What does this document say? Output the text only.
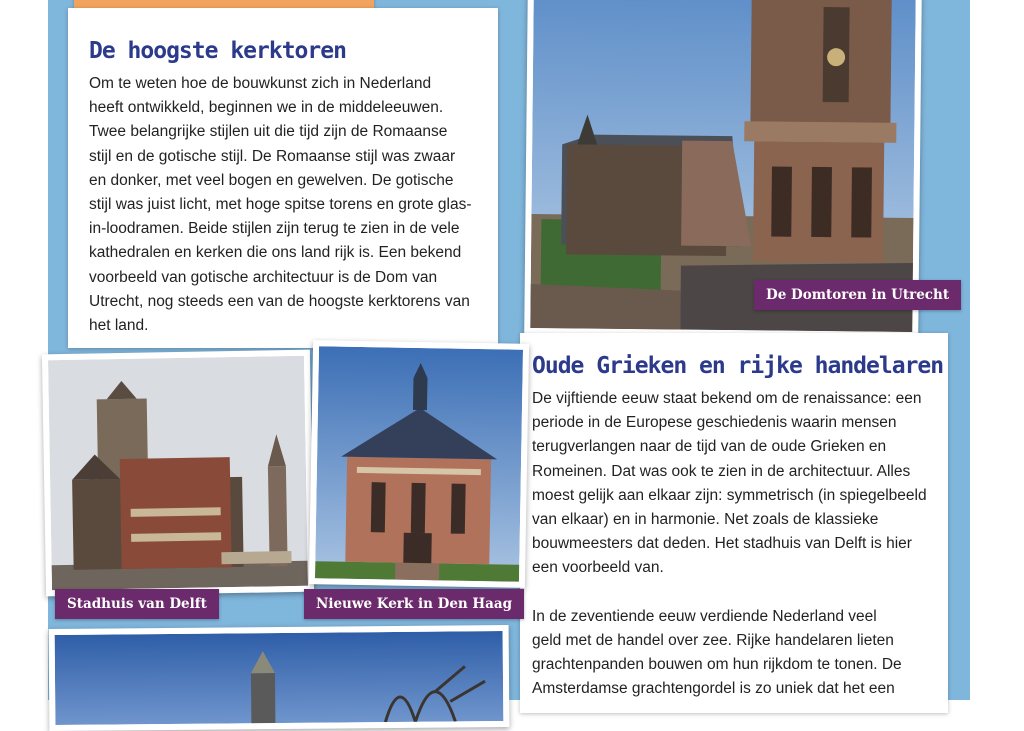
De hoogste kerktoren

Om te weten hoe de bouwkunst zich in Nederland
heeft ontwikkeld, beginnen we in de middeleeuwen.
Twee belangrijke stijlen uit die tijd zijn de Romaanse
stijl en de gotische stijl. De Romaanse stijl was zwaar
en donker, met veel bogen en gewelven. De gotische
stijl was juist licht, met hoge spitse torens en grote glas-
in-loodramen. Beide stijlen zijn terug te zien in de vele
kathedralen en kerken die ons land rijk is. Een bekend
voorbeeld van gotische architectuur is de Dom van
Utrecht, nog steeds een van de hoogste kerktorens van
het land.

De Domtoren in Utrecht
Oude Grieken en rijke handelaren

De vijftiende eeuw staat bekend om de renaissance: een
periode in de Europese geschiedenis waarin mensen
terugverlangen naar de tijd van de oude Grieken en
Romeinen. Dat was ook te zien in de architectuur. Alles
moest gelijk aan elkaar zijn: symmetrisch (in spiegelbeeld
van elkaar) en in harmonie. Net zoals de klassieke
bouwmeesters dat deden. Het stadhuis van Delft is hier
een voorbeeld van.

In de zeventiende eeuw verdiende Nederland veel
geld met de handel over zee. Rijke handelaren lieten
grachtenpanden bouwen om hun rijkdom te tonen. De
Amsterdamse grachtengordel is zo uniek dat het een

Stadhuis van Delft	Nieuwe Kerk in Den Haag
